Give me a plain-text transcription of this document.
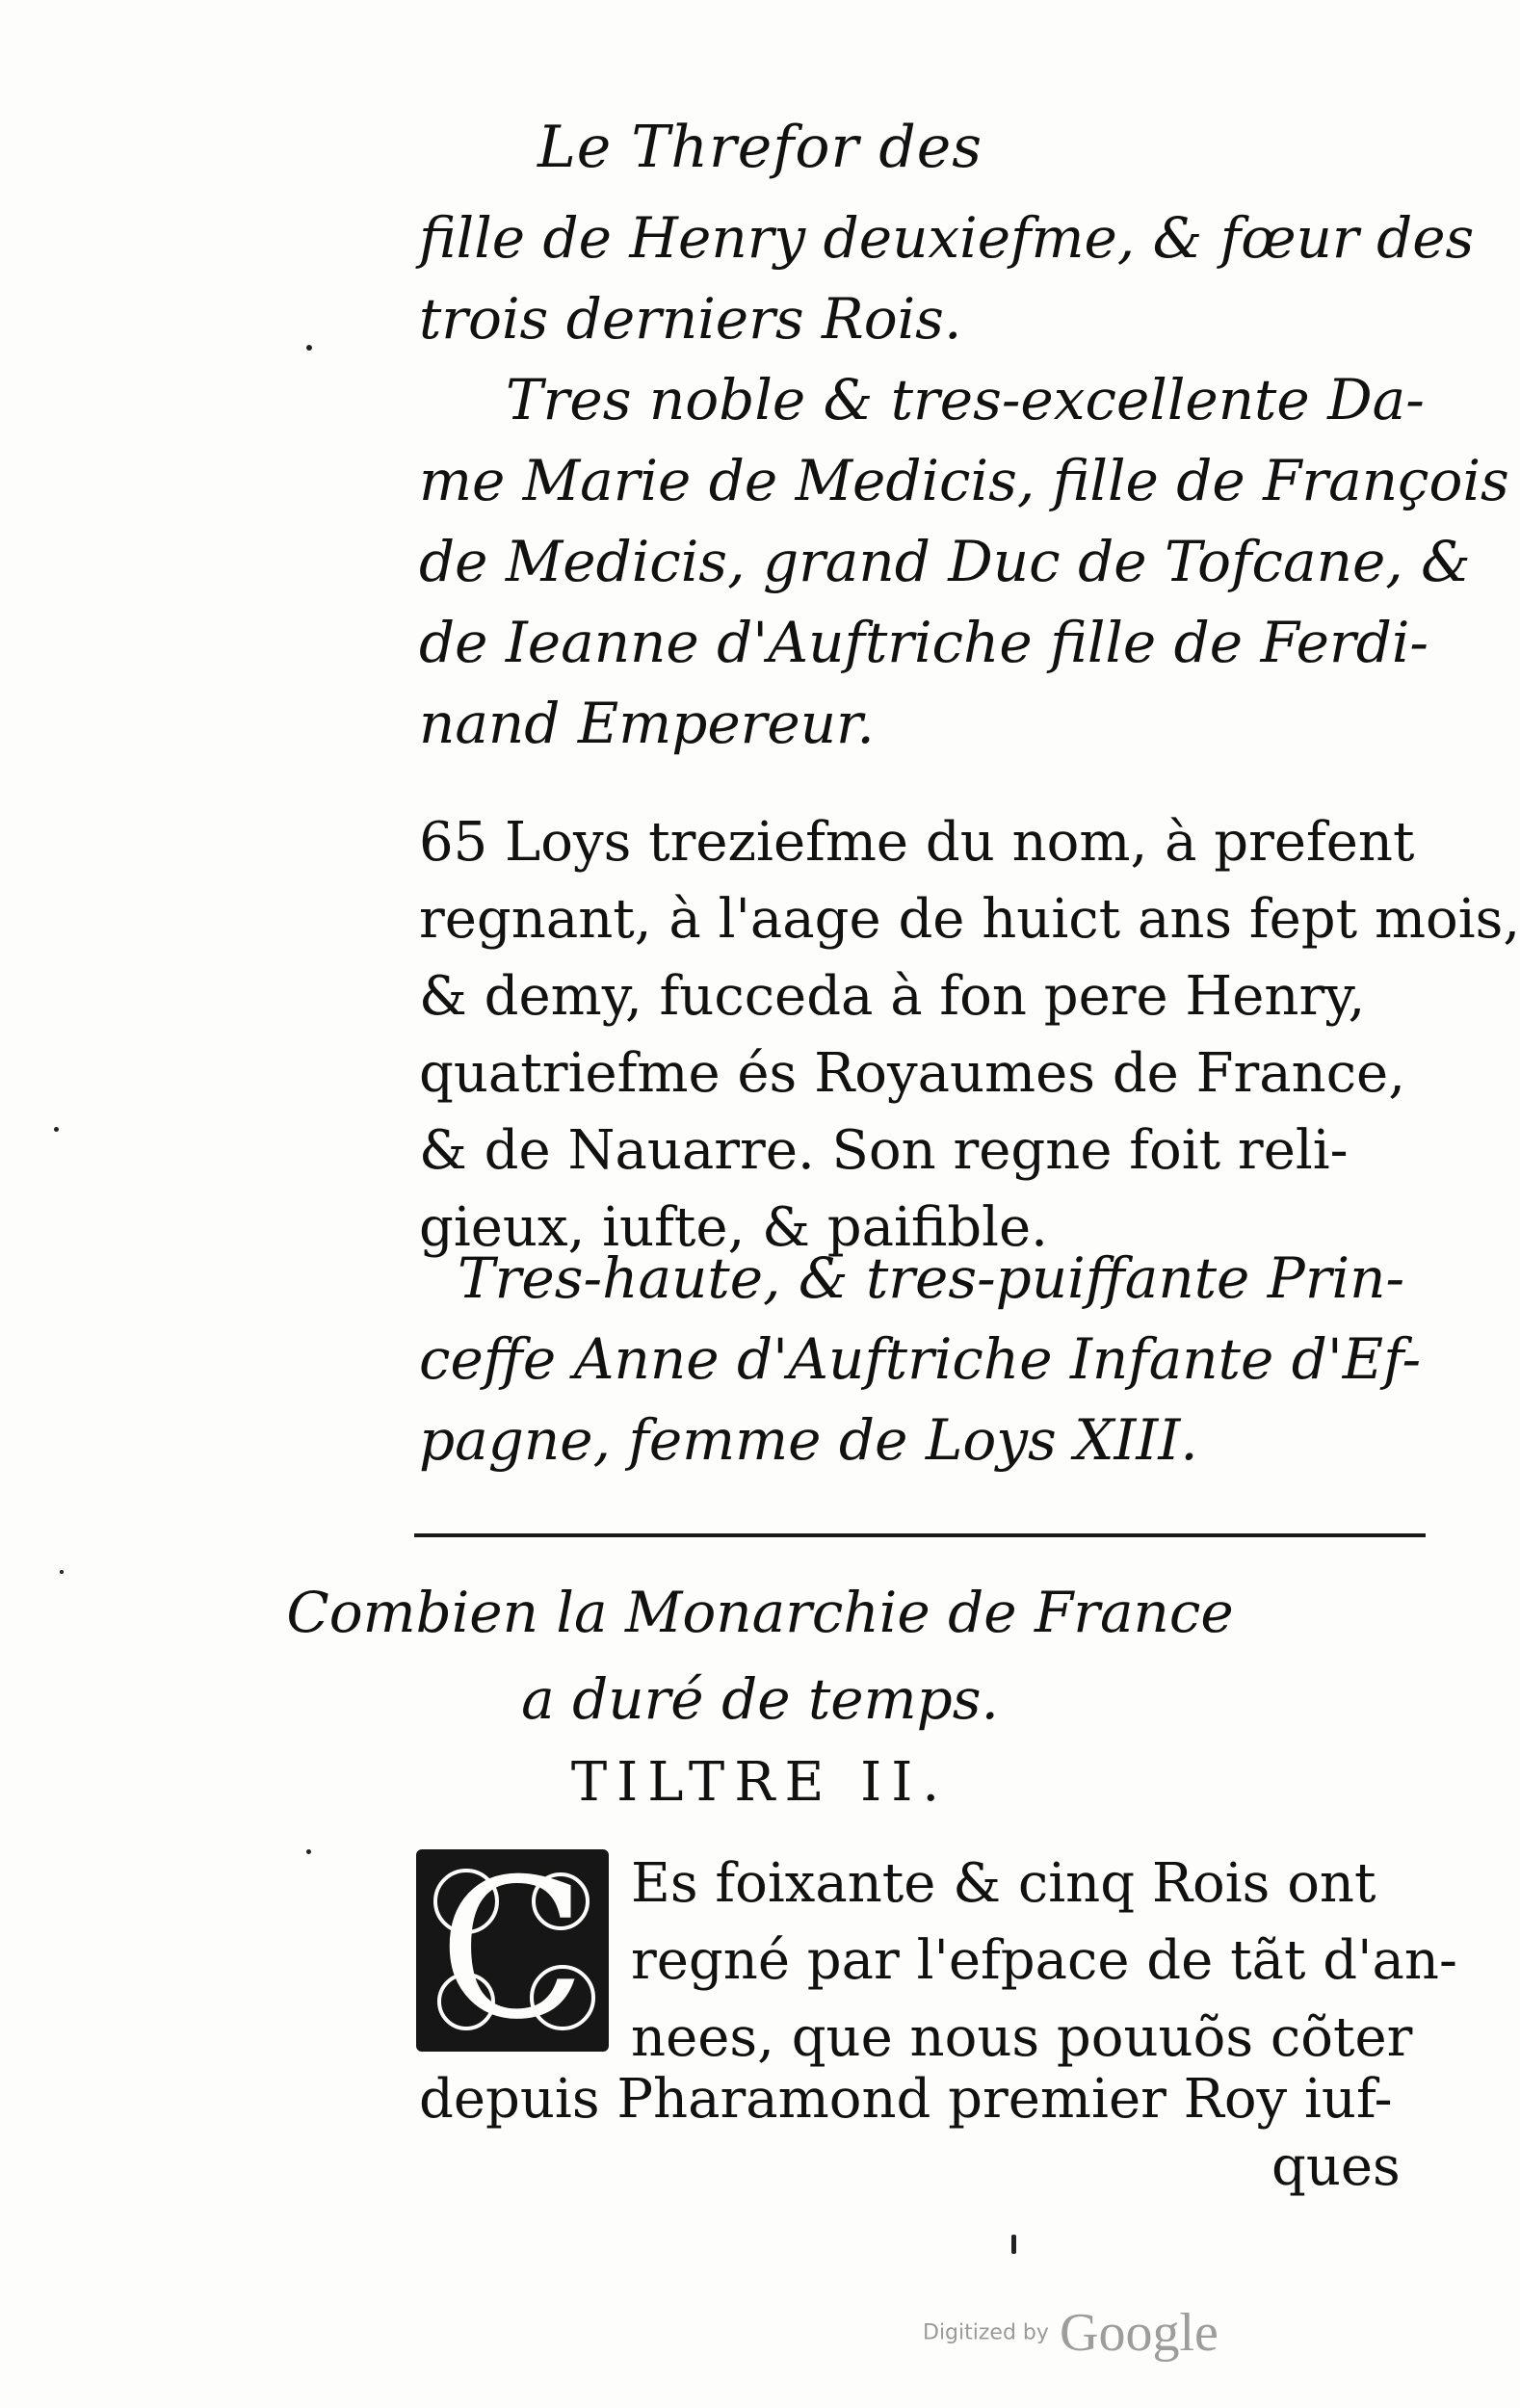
Le Threfor des
fille de Henry deuxiefme, & fœur des
trois derniers Rois.
Tres noble & tres-excellente Da-
me Marie de Medicis, fille de François
de Medicis, grand Duc de Tofcane, &
de Ieanne d'Auftriche fille de Ferdi-
nand Empereur.
65 Loys treziefme du nom, à prefent
regnant, à l'aage de huict ans fept mois,
& demy, fucceda à fon pere Henry,
quatriefme és Royaumes de France,
& de Nauarre. Son regne foit reli-
gieux, iufte, & paifible.
Tres-haute, & tres-puiffante Prin-
ceffe Anne d'Auftriche Infante d'Ef-
pagne, femme de Loys XIII.
Combien la Monarchie de France
a duré de temps.
TILTRE II.
C Es foixante & cinq Rois ont
regné par l'efpace de tãt d'an-
nees, que nous pouuõs cõter
depuis Pharamond premier Roy iuf-
ques
Digitized by Google
